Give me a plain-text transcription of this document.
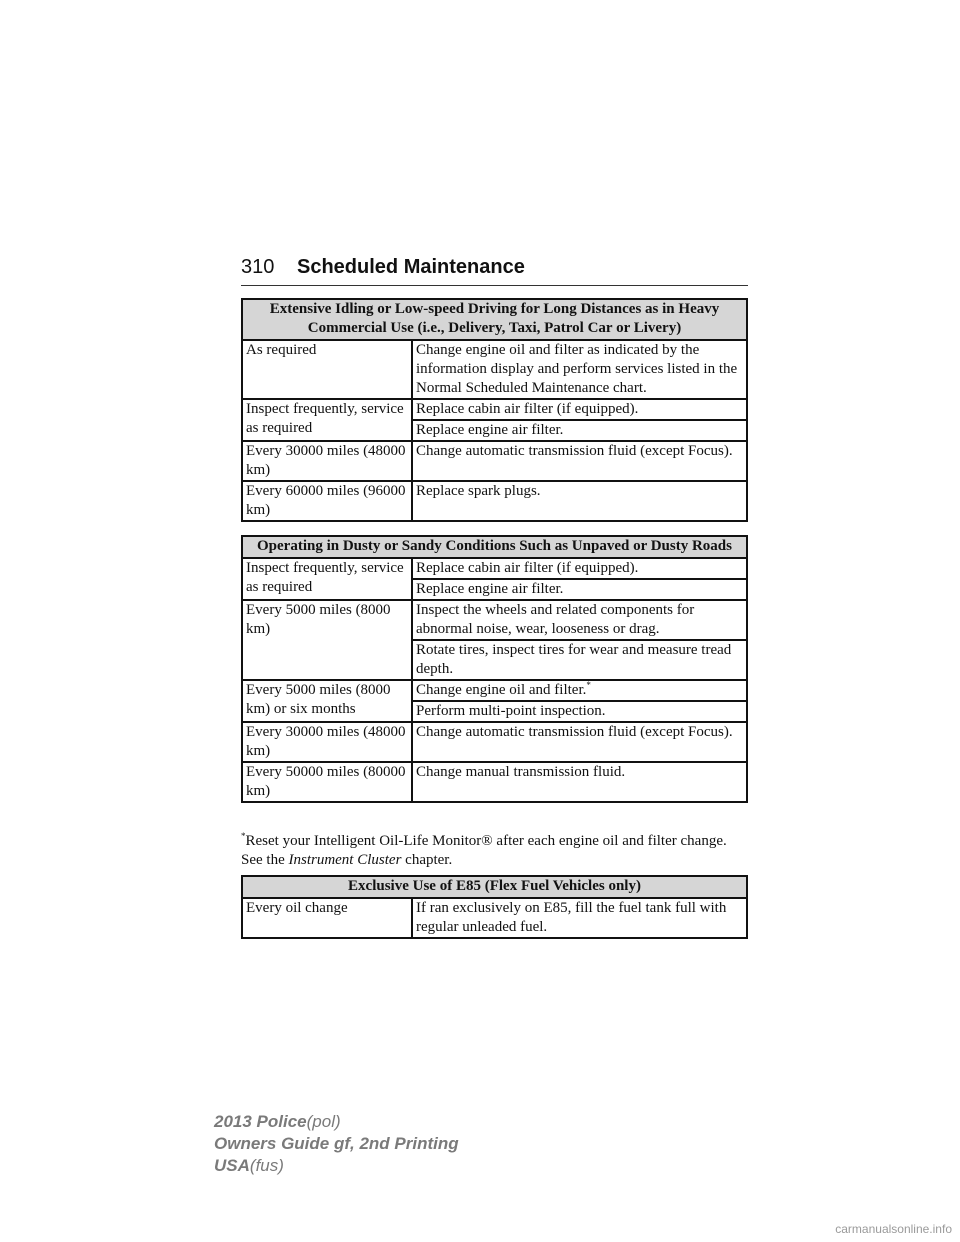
310 Scheduled Maintenance
Extensive Idling or Low-speed Driving for Long Distances as in Heavy Commercial Use (i.e., Delivery, Taxi, Patrol Car or Livery)	
As required	Change engine oil and filter as indicated by the information display and perform services listed in the Normal Scheduled Maintenance chart.
Inspect frequently, service as required	Replace cabin air filter (if equipped).
	Replace engine air filter.
Every 30000 miles (48000 km)	Change automatic transmission fluid (except Focus).
Every 60000 miles (96000 km)	Replace spark plugs.
Operating in Dusty or Sandy Conditions Such as Unpaved or Dusty Roads	
Inspect frequently, service as required	Replace cabin air filter (if equipped).
	Replace engine air filter.
Every 5000 miles (8000 km)	Inspect the wheels and related components for abnormal noise, wear, looseness or drag.
	Rotate tires, inspect tires for wear and measure tread depth.
Every 5000 miles (8000 km) or six months	Change engine oil and filter.*
	Perform multi-point inspection.
Every 30000 miles (48000 km)	Change automatic transmission fluid (except Focus).
Every 50000 miles (80000 km)	Change manual transmission fluid.
*Reset your Intelligent Oil-Life Monitor® after each engine oil and filter change. See the Instrument Cluster chapter.
Exclusive Use of E85 (Flex Fuel Vehicles only)
Every oil change	If ran exclusively on E85, fill the fuel tank full with regular unleaded fuel.
2013 Police(pol)
Owners Guide gf, 2nd Printing
USA(fus)
carmanualsonline.info
